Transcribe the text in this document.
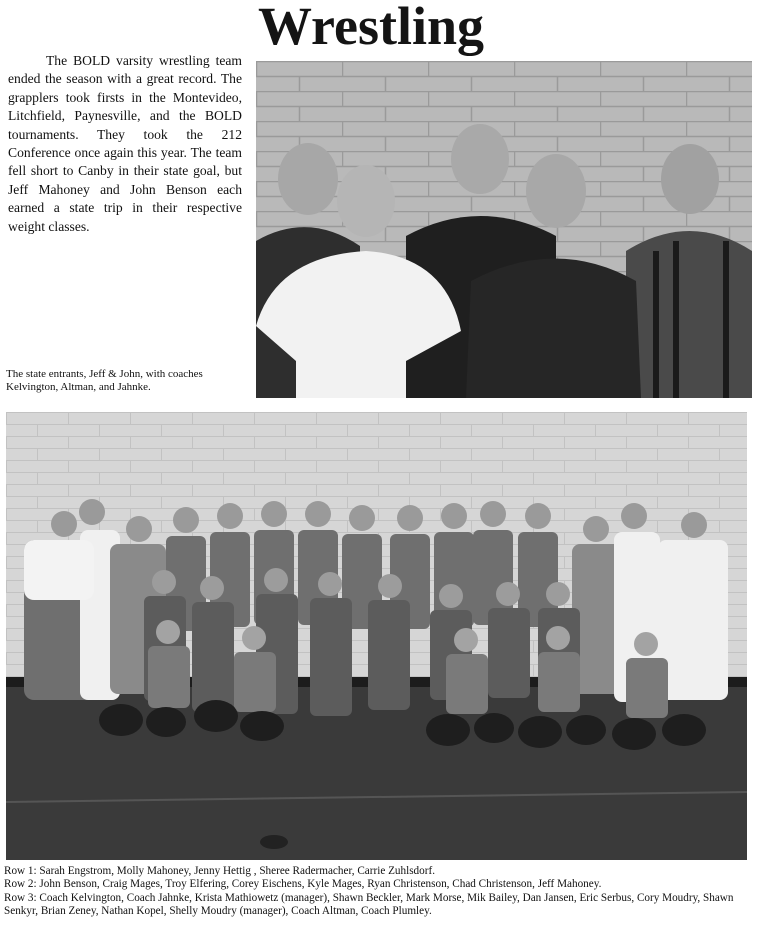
Wrestling
The BOLD varsity wrestling team ended the season with a great record. The grapplers took firsts in the Montevideo, Litchfield, Paynesville, and the BOLD tournaments. They took the 212 Conference once again this year. The team fell short to Canby in their state goal, but Jeff Mahoney and John Benson each earned a state trip in their respective weight classes.
The state entrants, Jeff & John, with coaches Kelvington, Altman, and Jahnke.
Row 1: Sarah Engstrom, Molly Mahoney, Jenny Hettig , Sheree Radermacher, Carrie Zuhlsdorf.
Row 2: John Benson, Craig Mages, Troy Elfering, Corey Eischens, Kyle Mages, Ryan Christenson, Chad Christenson, Jeff Mahoney.
Row 3: Coach Kelvington, Coach Jahnke, Krista Mathiowetz (manager), Shawn Beckler, Mark Morse, Mik Bailey, Dan Jansen, Eric Serbus, Cory Moudry, Shawn Senkyr, Brian Zeney, Nathan Kopel, Shelly Moudry (manager), Coach Altman, Coach Plumley.
